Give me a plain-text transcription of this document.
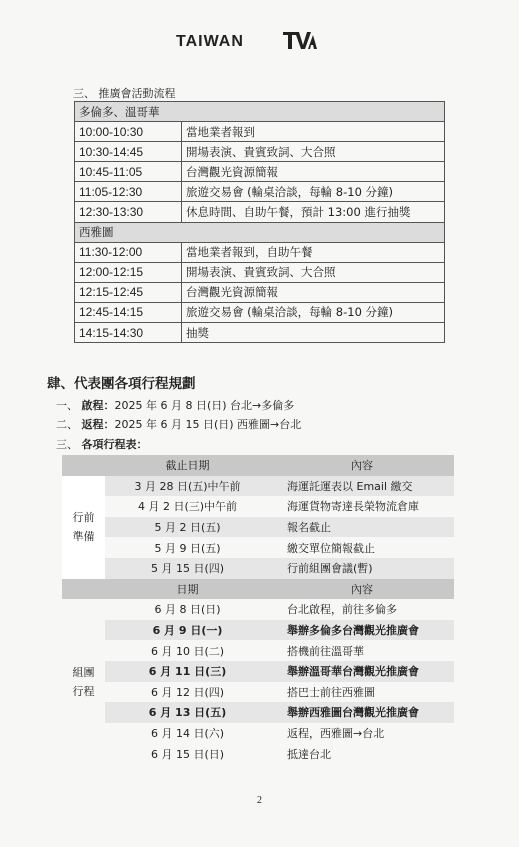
TAIWAN
三、 推廣會活動流程
多倫多、溫哥華	
10:00-10:30	當地業者報到
10:30-14:45	開場表演、貴賓致詞、大合照
10:45-11:05	台灣觀光資源簡報
11:05-12:30	旅遊交易會 (輪桌洽談，每輪 8-10 分鐘)
12:30-13:30	休息時間、自助午餐，預計 13:00 進行抽獎
西雅圖	
11:30-12:00	當地業者報到，自助午餐
12:00-12:15	開場表演、貴賓致詞、大合照
12:15-12:45	台灣觀光資源簡報
12:45-14:15	旅遊交易會 (輪桌洽談，每輪 8-10 分鐘)
14:15-14:30	抽獎
肆、代表團各項行程規劃
一、 啟程：2025 年 6 月 8 日(日) 台北→多倫多
二、 返程：2025 年 6 月 15 日(日) 西雅圖→台北
三、 各項行程表：
	截止日期	內容
行前準備	3 月 28 日(五)中午前	海運託運表以 Email 繳交
	4 月 2 日(三)中午前	海運貨物寄達長榮物流倉庫
	5 月 2 日(五)	報名截止
	5 月 9 日(五)	繳交單位簡報截止
	5 月 15 日(四)	行前組團會議(暫)
	日期	內容
組團行程	6 月 8 日(日)	台北啟程，前往多倫多
	6 月 9 日(一)	舉辦多倫多台灣觀光推廣會
	6 月 10 日(二)	搭機前往溫哥華
	6 月 11 日(三)	舉辦溫哥華台灣觀光推廣會
	6 月 12 日(四)	搭巴士前往西雅圖
	6 月 13 日(五)	舉辦西雅圖台灣觀光推廣會
	6 月 14 日(六)	返程，西雅圖→台北
	6 月 15 日(日)	抵達台北
2
